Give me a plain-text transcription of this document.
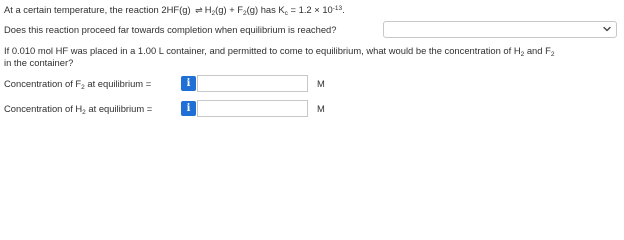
At a certain temperature, the reaction 2HF(g) ⇌ $H_2(g) + F_2(g)$ has $K_c = 1.2 \times 10^{-13}$.
Does this reaction proceed far towards completion when equilibrium is reached?
If 0.010 mol HF was placed in a 1.00 L container, and permitted to come to equilibrium, what would be the concentration of $H_2$ and $F_2$
in the container?
Concentration of $F_2$ at equilibrium =	i	M
Concentration of $H_2$ at equilibrium =	i	M
